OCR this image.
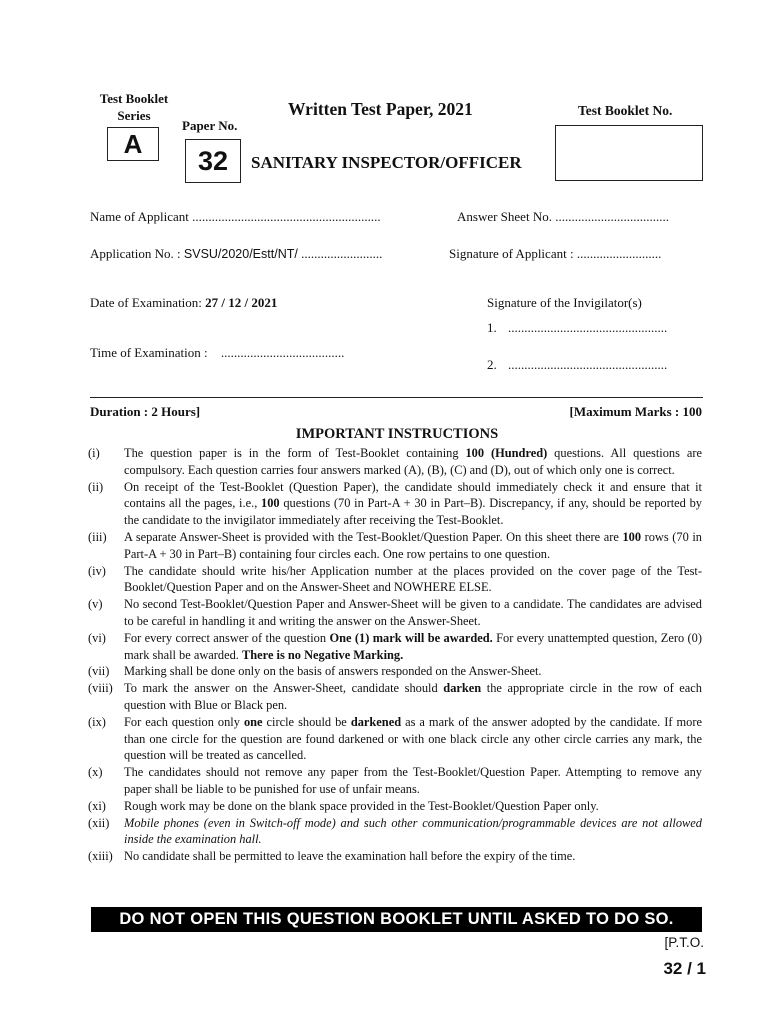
Test Booklet
Series
A
Paper No.
32
Written Test Paper, 2021
SANITARY INSPECTOR/OFFICER
Test Booklet No.
Name of Applicant ..........................................................	Answer Sheet No. ...................................
Application No. : SVSU/2020/Estt/NT/ .........................	Signature of Applicant : ..........................
Date of Examination: 27 / 12 / 2021	Signature of the Invigilator(s)
1. .................................................
Time of Examination : ......................................
2. .................................................
Duration : 2 Hours]	[Maximum Marks : 100
IMPORTANT INSTRUCTIONS
(i)	The question paper is in the form of Test-Booklet containing 100 (Hundred) questions. All questions are compulsory. Each question carries four answers marked (A), (B), (C) and (D), out of which only one is correct.
(ii)	On receipt of the Test-Booklet (Question Paper), the candidate should immediately check it and ensure that it contains all the pages, i.e., 100 questions (70 in Part-A + 30 in Part–B). Discrepancy, if any, should be reported by the candidate to the invigilator immediately after receiving the Test-Booklet.
(iii)	A separate Answer-Sheet is provided with the Test-Booklet/Question Paper. On this sheet there are 100 rows (70 in Part-A + 30 in Part–B) containing four circles each. One row pertains to one question.
(iv)	The candidate should write his/her Application number at the places provided on the cover page of the Test-Booklet/Question Paper and on the Answer-Sheet and NOWHERE ELSE.
(v)	No second Test-Booklet/Question Paper and Answer-Sheet will be given to a candidate. The candidates are advised to be careful in handling it and writing the answer on the Answer-Sheet.
(vi)	For every correct answer of the question One (1) mark will be awarded. For every unattempted question, Zero (0) mark shall be awarded. There is no Negative Marking.
(vii)	Marking shall be done only on the basis of answers responded on the Answer-Sheet.
(viii) To mark the answer on the Answer-Sheet, candidate should darken the appropriate circle in the row of each question with Blue or Black pen.
(ix)	For each question only one circle should be darkened as a mark of the answer adopted by the candidate. If more than one circle for the question are found darkened or with one black circle any other circle carries any mark, the question will be treated as cancelled.
(x)	The candidates should not remove any paper from the Test-Booklet/Question Paper. Attempting to remove any paper shall be liable to be punished for use of unfair means.
(xi)	Rough work may be done on the blank space provided in the Test-Booklet/Question Paper only.
(xii)	Mobile phones (even in Switch-off mode) and such other communication/programmable devices are not allowed inside the examination hall.
(xiii) No candidate shall be permitted to leave the examination hall before the expiry of the time.
DO NOT OPEN THIS QUESTION BOOKLET UNTIL ASKED TO DO SO.
[P.T.O.
32 / 1
